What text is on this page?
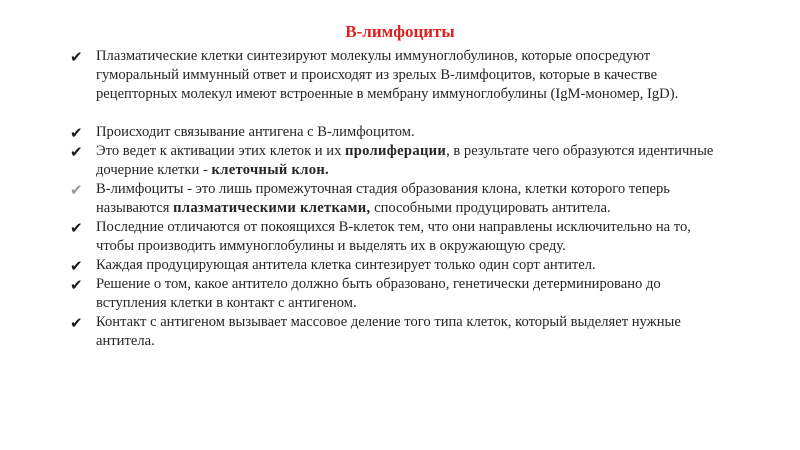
В-лимфоциты
✔ Плазматические клетки синтезируют молекулы иммуноглобулинов, которые опосредуют гуморальный иммунный ответ и происходят из зрелых В-лимфоцитов, которые в качестве рецепторных молекул имеют встроенные в мембрану иммуноглобулины (IgM-мономер, IgD).
✔ Происходит связывание антигена с В-лимфоцитом.
✔ Это ведет к активации этих клеток и их пролиферации, в результате чего образуются идентичные дочерние клетки - клеточный клон.
✔ В-лимфоциты - это лишь промежуточная стадия образования клона, клетки которого теперь называются плазматическими клетками, способными продуцировать антитела.
✔ Последние отличаются от покоящихся В-клеток тем, что они направлены исключительно на то, чтобы производить иммуноглобулины и выделять их в окружающую среду.
✔ Каждая продуцирующая антитела клетка синтезирует только один сорт антител.
✔ Решение о том, какое антитело должно быть образовано, генетически детерминировано до вступления клетки в контакт с антигеном.
✔ Контакт с антигеном вызывает массовое деление того типа клеток, который выделяет нужные антитела.
